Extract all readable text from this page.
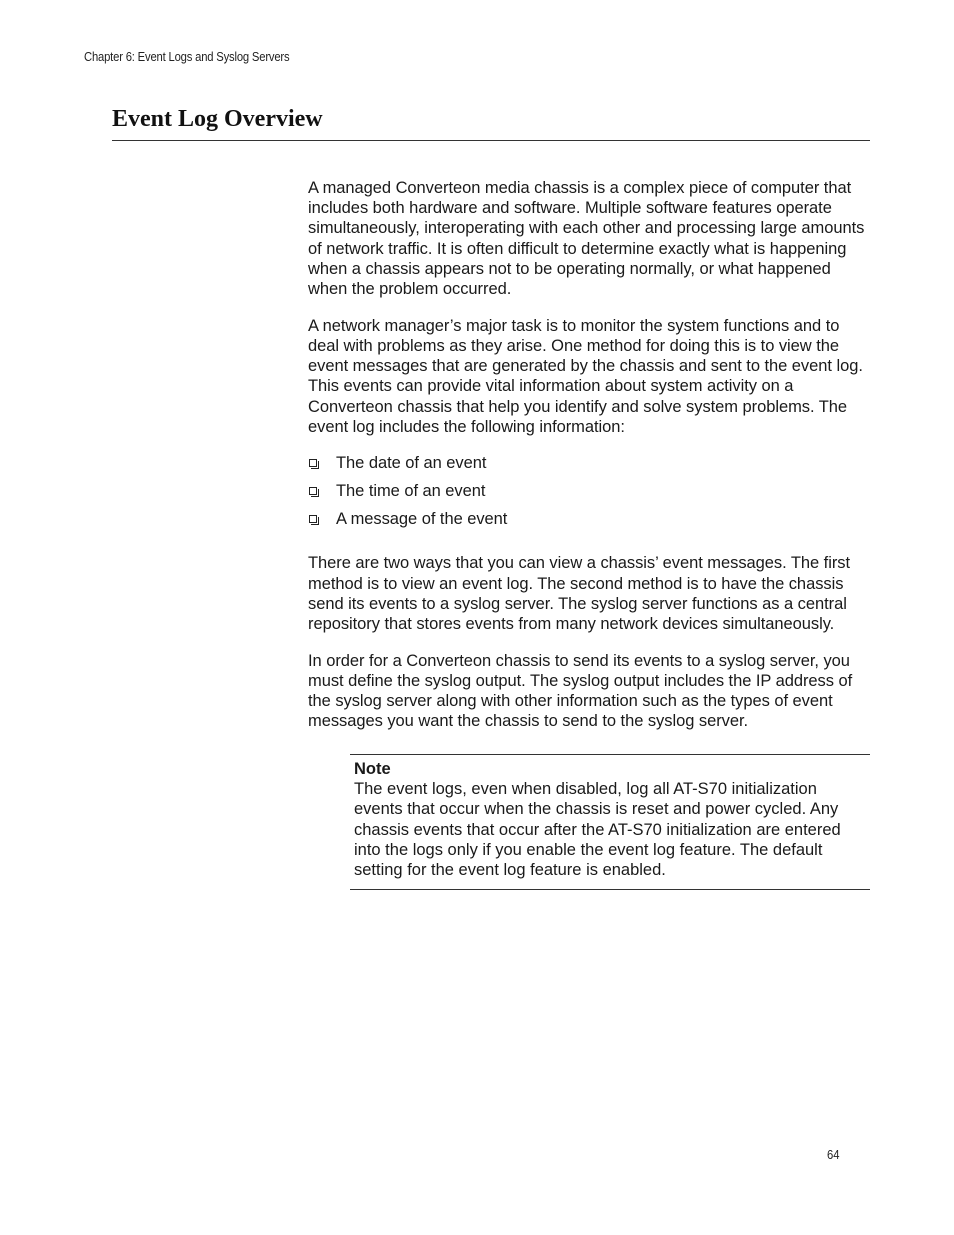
Chapter 6: Event Logs and Syslog Servers
Event Log Overview

A managed Converteon media chassis is a complex piece of computer that includes both hardware and software. Multiple software features operate simultaneously, interoperating with each other and processing large amounts of network traffic. It is often difficult to determine exactly what is happening when a chassis appears not to be operating normally, or what happened when the problem occurred.

A network manager’s major task is to monitor the system functions and to deal with problems as they arise. One method for doing this is to view the event messages that are generated by the chassis and sent to the event log. This events can provide vital information about system activity on a Converteon chassis that help you identify and solve system problems. The event log includes the following information:

The date of an event
The time of an event
A message of the event

There are two ways that you can view a chassis’ event messages. The first method is to view an event log. The second method is to have the chassis send its events to a syslog server. The syslog server functions as a central repository that stores events from many network devices simultaneously.

In order for a Converteon chassis to send its events to a syslog server, you must define the syslog output. The syslog output includes the IP address of the syslog server along with other information such as the types of event messages you want the chassis to send to the syslog server.

Note

The event logs, even when disabled, log all AT-S70 initialization events that occur when the chassis is reset and power cycled. Any chassis events that occur after the AT-S70 initialization are entered into the logs only if you enable the event log feature. The default setting for the event log feature is enabled.

64
